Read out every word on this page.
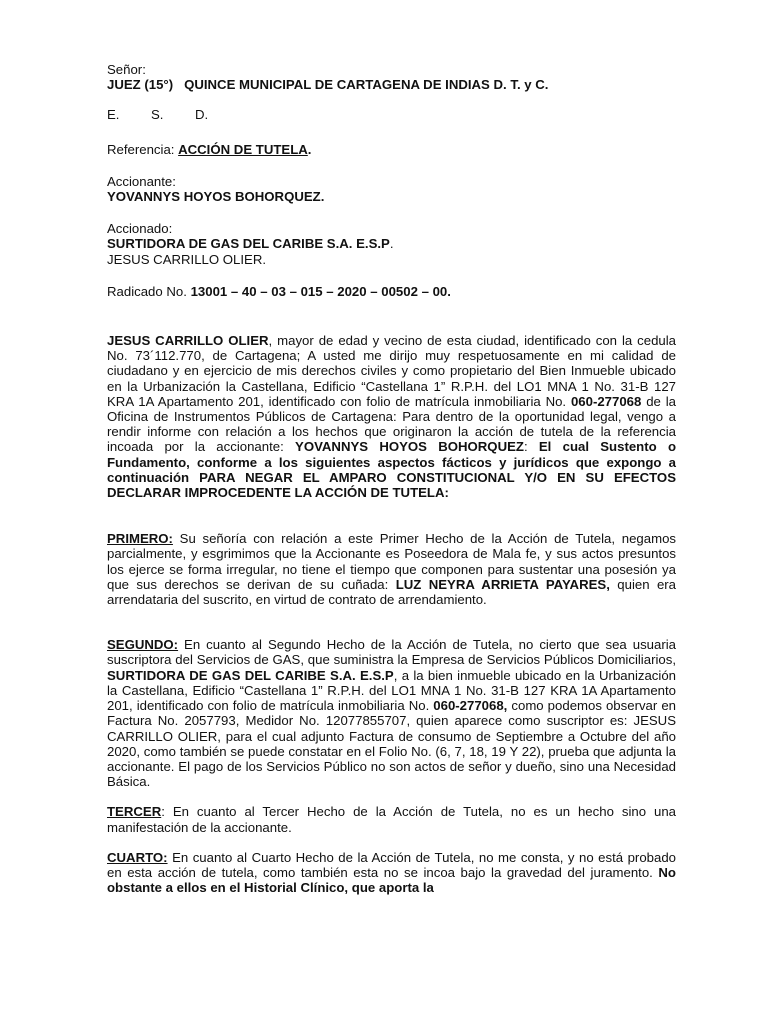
Señor:
JUEZ (15°)   QUINCE MUNICIPAL DE CARTAGENA DE INDIAS D. T. y C.
E. S. D.
Referencia: ACCIÓN DE TUTELA.
Accionante:
YOVANNYS HOYOS BOHORQUEZ.
Accionado:
SURTIDORA DE GAS DEL CARIBE S.A. E.S.P.
JESUS CARRILLO OLIER.
Radicado No. 13001 – 40 – 03 – 015 – 2020 – 00502 – 00.

JESUS CARRILLO OLIER, mayor de edad y vecino de esta ciudad, identificado con la cedula No. 73´112.770, de Cartagena; A usted me dirijo muy respetuosamente en mi calidad de ciudadano y en ejercicio de mis derechos civiles y como propietario del Bien Inmueble ubicado en la Urbanización la Castellana, Edificio “Castellana 1” R.P.H. del LO1 MNA 1 No. 31-B 127 KRA 1A Apartamento 201, identificado con folio de matrícula inmobiliaria No. 060-277068 de la Oficina de Instrumentos Públicos de Cartagena: Para dentro de la oportunidad legal, vengo a rendir informe con relación a los hechos que originaron la acción de tutela de la referencia incoada por la accionante: YOVANNYS HOYOS BOHORQUEZ: El cual Sustento o Fundamento, conforme a los siguientes aspectos fácticos y jurídicos que expongo a continuación PARA NEGAR EL AMPARO CONSTITUCIONAL Y/O EN SU EFECTOS DECLARAR IMPROCEDENTE LA ACCIÓN DE TUTELA:

PRIMERO: Su señoría con relación a este Primer Hecho de la Acción de Tutela, negamos parcialmente, y esgrimimos que la Accionante es Poseedora de Mala fe, y sus actos presuntos los ejerce se forma irregular, no tiene el tiempo que componen para sustentar una posesión ya que sus derechos se derivan de su cuñada: LUZ NEYRA ARRIETA PAYARES, quien era arrendataria del suscrito, en virtud de contrato de arrendamiento.

SEGUNDO: En cuanto al Segundo Hecho de la Acción de Tutela, no cierto que sea usuaria suscriptora del Servicios de GAS, que suministra la Empresa de Servicios Públicos Domiciliarios, SURTIDORA DE GAS DEL CARIBE S.A. E.S.P, a la bien inmueble ubicado en la Urbanización la Castellana, Edificio “Castellana 1” R.P.H. del LO1 MNA 1 No. 31-B 127 KRA 1A Apartamento 201, identificado con folio de matrícula inmobiliaria No. 060-277068, como podemos observar en Factura No. 2057793, Medidor No. 12077855707, quien aparece como suscriptor es: JESUS CARRILLO OLIER, para el cual adjunto Factura de consumo de Septiembre a Octubre del año 2020, como también se puede constatar en el Folio No. (6, 7, 18, 19 Y 22), prueba que adjunta la accionante. El pago de los Servicios Público no son actos de señor y dueño, sino una Necesidad Básica.

TERCER: En cuanto al Tercer Hecho de la Acción de Tutela, no es un hecho sino una manifestación de la accionante.

CUARTO: En cuanto al Cuarto Hecho de la Acción de Tutela, no me consta, y no está probado en esta acción de tutela, como también esta no se incoa bajo la gravedad del juramento. No obstante a ellos en el Historial Clínico, que aporta la
